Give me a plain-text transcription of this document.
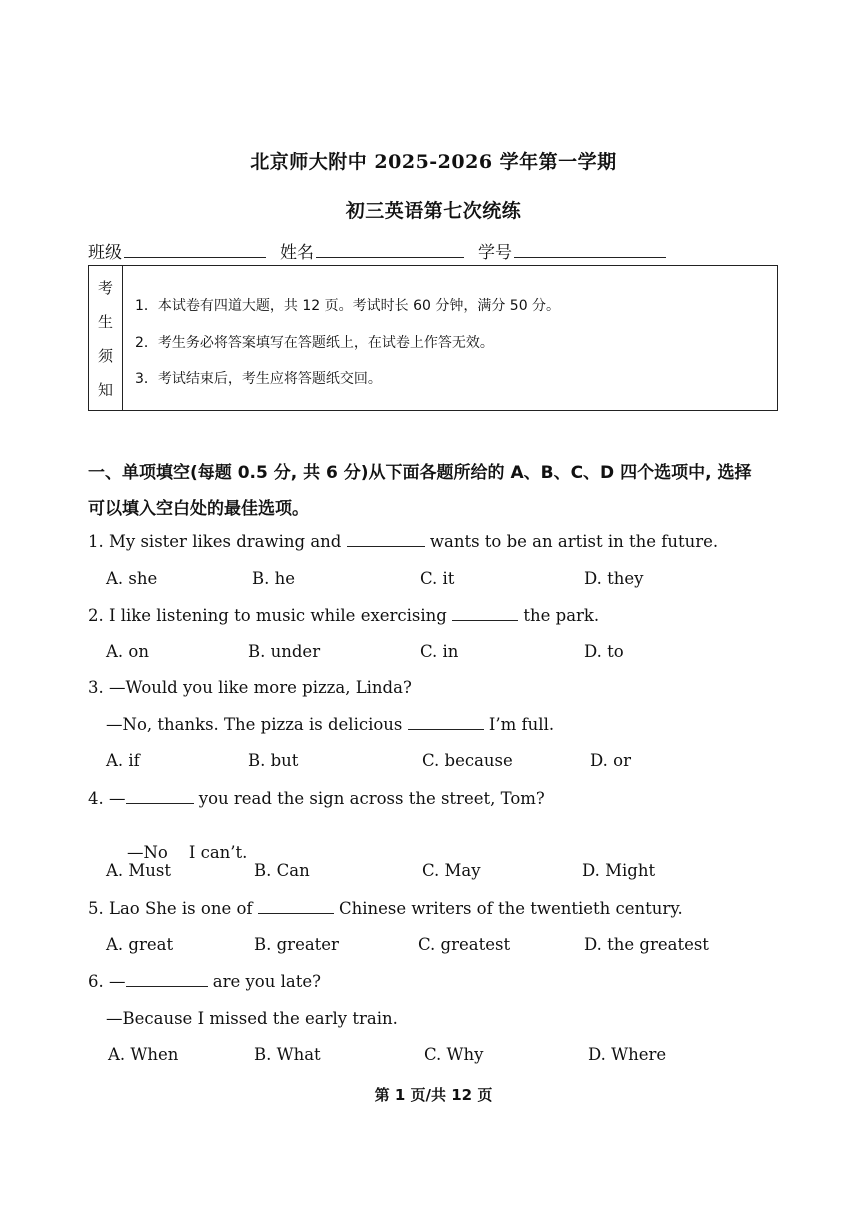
北京师大附中 2025-2026 学年第一学期
初三英语第七次统练
班级	姓名	学号
考
生
须
知
1．本试卷有四道大题，共 12 页。考试时长 60 分钟，满分 50 分。
2．考生务必将答案填写在答题纸上，在试卷上作答无效。
3．考试结束后，考生应将答题纸交回。
一、单项填空(每题 0.5 分, 共 6 分)从下面各题所给的 A、B、C、D 四个选项中, 选择
可以填入空白处的最佳选项。
1. My sister likes drawing and	wants to be an artist in the future.
A. she	B. he	C. it	D. they
2. I like listening to music while exercising	the park.
A. on	B. under	C. in	D. to
3. —Would you like more pizza, Linda?
—No, thanks. The pizza is delicious	I’m full.
A. if	B. but	C. because	D. or
4. —	you read the sign across the street, Tom?

—No    I can’t.

A. Must	B. Can	C. May	D. Might
5. Lao She is one of	Chinese writers of the twentieth century.
A. great	B. greater	C. greatest	D. the greatest
6. —	are you late?
—Because I missed the early train.
A. When	B. What	C. Why	D. Where
第 1 页/共 12 页
